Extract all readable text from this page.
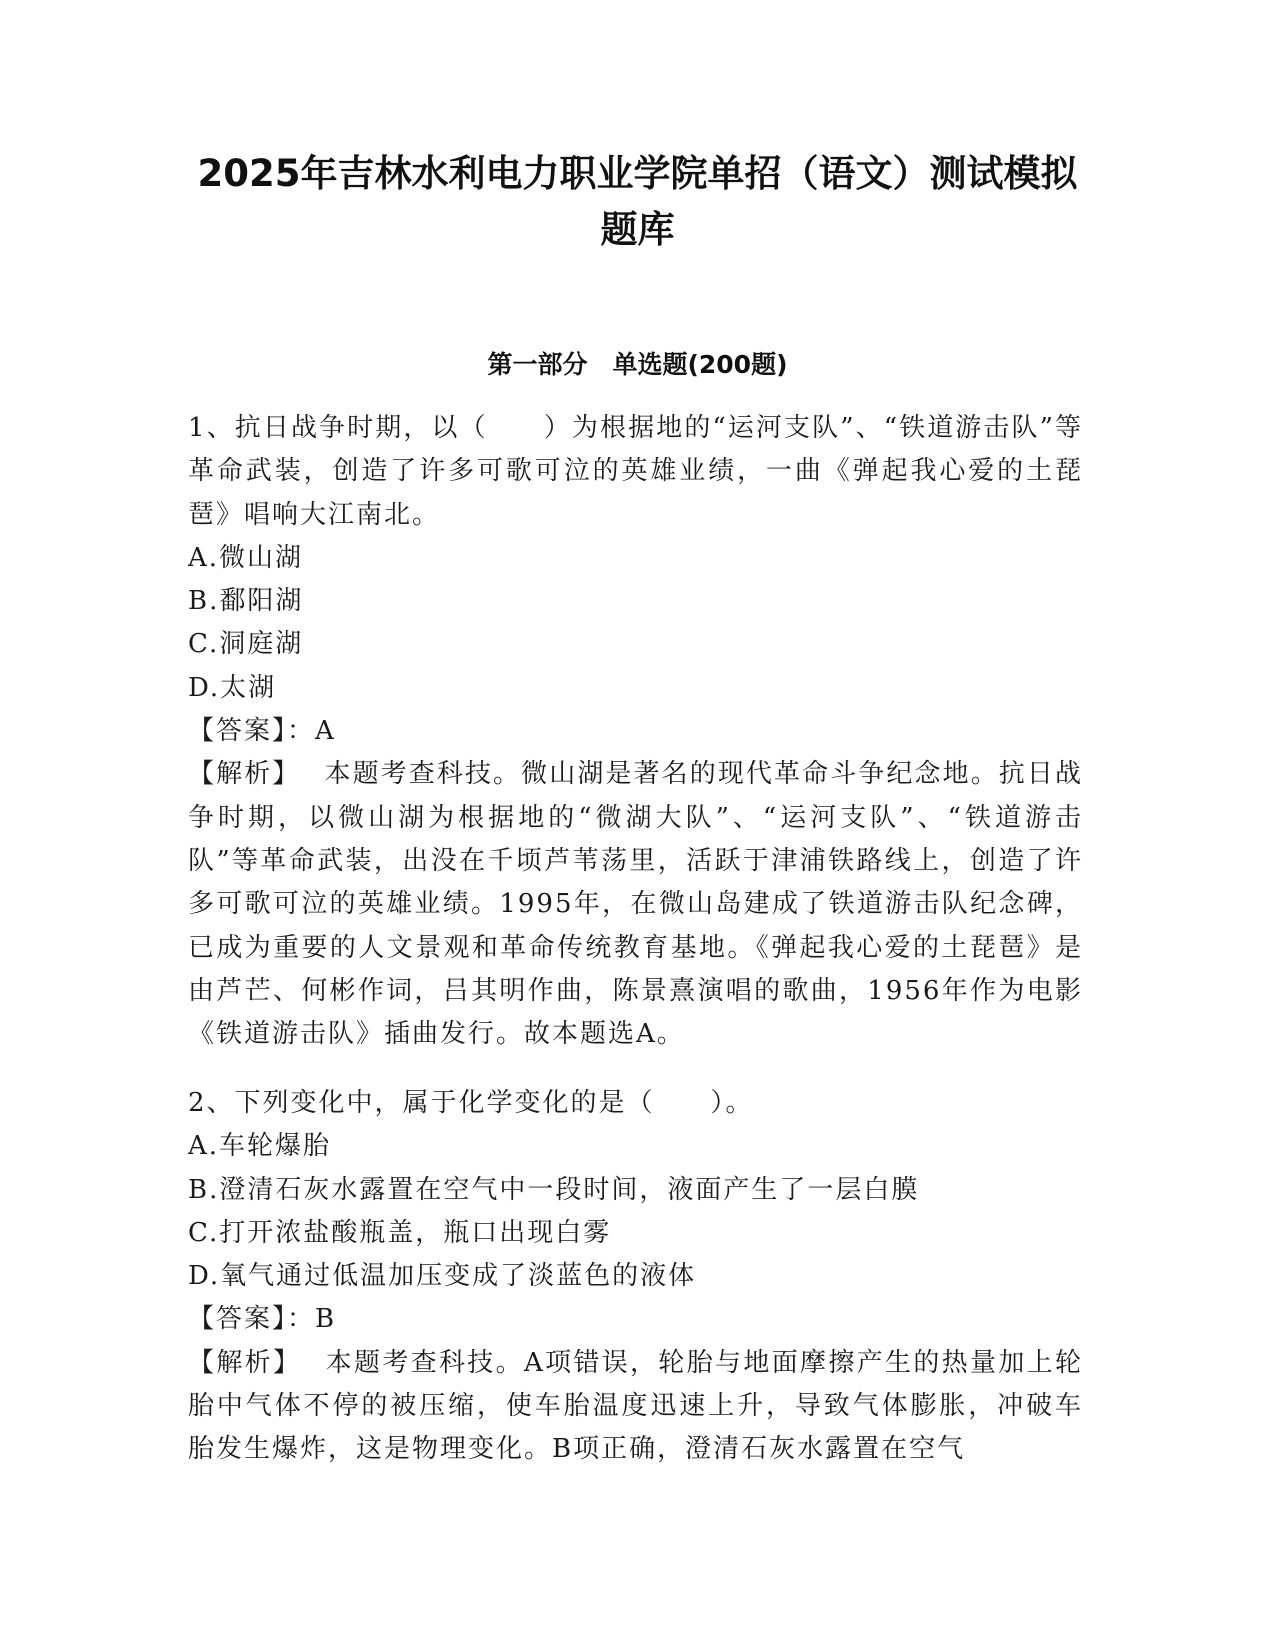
2025年吉林水利电力职业学院单招（语文）测试模拟
题库
第一部分　单选题(200题)

1、抗日战争时期，以（　　）为根据地的“运河支队”、“铁道游击队”等革命武装，创造了许多可歌可泣的英雄业绩，一曲《弹起我心爱的土琵琶》唱响大江南北。

A.微山湖

B.鄱阳湖

C.洞庭湖

D.太湖

【答案】：A

【解析】 本题考查科技。微山湖是著名的现代革命斗争纪念地。抗日战争时期，以微山湖为根据地的“微湖大队”、“运河支队”、“铁道游击队”等革命武装，出没在千顷芦苇荡里，活跃于津浦铁路线上，创造了许多可歌可泣的英雄业绩。1995年，在微山岛建成了铁道游击队纪念碑，已成为重要的人文景观和革命传统教育基地。《弹起我心爱的土琵琶》是由芦芒、何彬作词，吕其明作曲，陈景熹演唱的歌曲，1956年作为电影《铁道游击队》插曲发行。故本题选A。

2、下列变化中，属于化学变化的是（　　）。

A.车轮爆胎

B.澄清石灰水露置在空气中一段时间，液面产生了一层白膜

C.打开浓盐酸瓶盖，瓶口出现白雾

D.氧气通过低温加压变成了淡蓝色的液体

【答案】：B

【解析】 本题考查科技。A项错误，轮胎与地面摩擦产生的热量加上轮胎中气体不停的被压缩，使车胎温度迅速上升，导致气体膨胀，冲破车胎发生爆炸，这是物理变化。B项正确，澄清石灰水露置在空气
